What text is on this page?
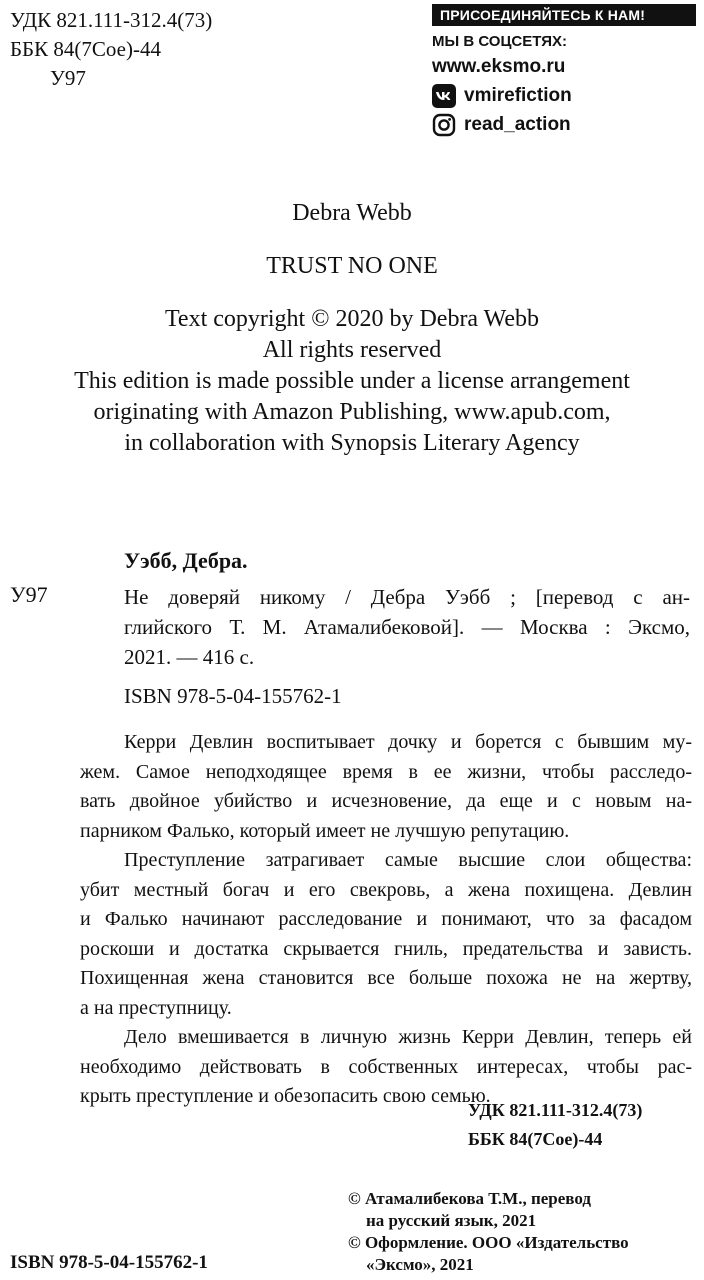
УДК 821.111-312.4(73)
ББК 84(7Сое)-44
У97
ПРИСОЕДИНЯЙТЕСЬ К НАМ!
МЫ В СОЦСЕТЯХ:
www.eksmo.ru
vmirefiction
read_action
Debra Webb
TRUST NO ONE
Text copyright © 2020 by Debra Webb
All rights reserved
This edition is made possible under a license arrangement
originating with Amazon Publishing, www.apub.com,
in collaboration with Synopsis Literary Agency
Уэбб, Дебра.
У97	Не доверяй никому / Дебра Уэбб ; [перевод с ан-
глийского Т. М. Атамалибековой]. — Москва : Эксмо,
2021. — 416 с.
ISBN 978-5-04-155762-1
Керри Девлин воспитывает дочку и борется с бывшим му-
жем. Самое неподходящее время в ее жизни, чтобы расследо-
вать двойное убийство и исчезновение, да еще и с новым на-
парником Фалько, который имеет не лучшую репутацию.
Преступление затрагивает самые высшие слои общества:
убит местный богач и его свекровь, а жена похищена. Девлин
и Фалько начинают расследование и понимают, что за фасадом
роскоши и достатка скрывается гниль, предательства и зависть.
Похищенная жена становится все больше похожа не на жертву,
а на преступницу.
Дело вмешивается в личную жизнь Керри Девлин, теперь ей
необходимо действовать в собственных интересах, чтобы рас-
крыть преступление и обезопасить свою семью.
УДК 821.111-312.4(73)
ББК 84(7Сое)-44
© Атамалибекова Т.М., перевод
на русский язык, 2021
© Оформление. ООО «Издательство
«Эксмо», 2021
ISBN 978-5-04-155762-1
